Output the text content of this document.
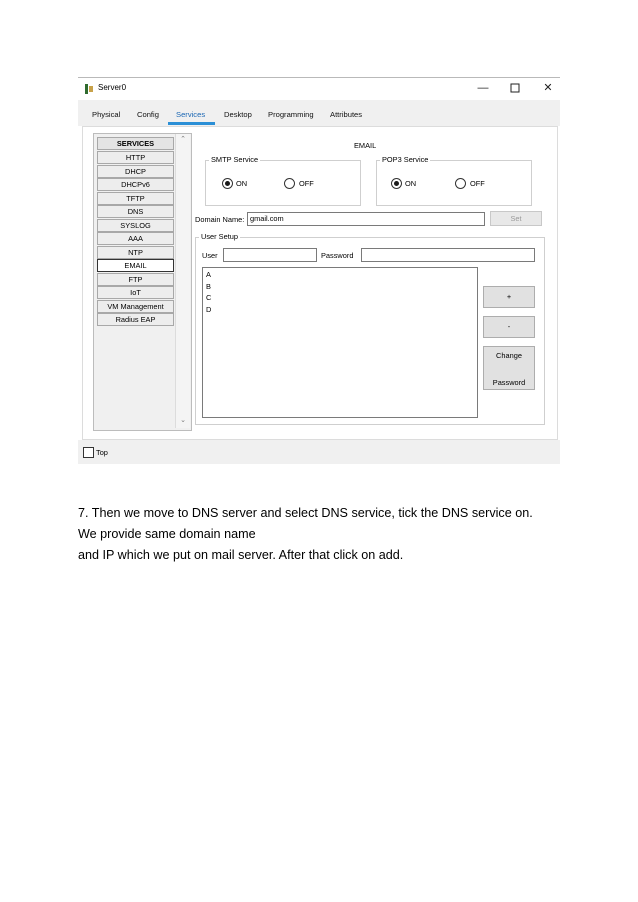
Server0	—	✕
Physical Config Services Desktop Programming Attributes
SERVICES
HTTP
DHCP
DHCPv6
TFTP
DNS
SYSLOG
AAA
NTP
EMAIL
FTP
IoT
VM Management
Radius EAP
⌃
⌄
EMAIL
SMTP Service
ON	OFF
POP3 Service
ON	OFF
Domain Name: gmail.com	Set
User Setup
User	Password
A
B
C
D
+
-
Change
Password
Top
7. Then we move to DNS server and select DNS service, tick the DNS service on.
We provide same domain name
and IP which we put on mail server. After that click on add.
